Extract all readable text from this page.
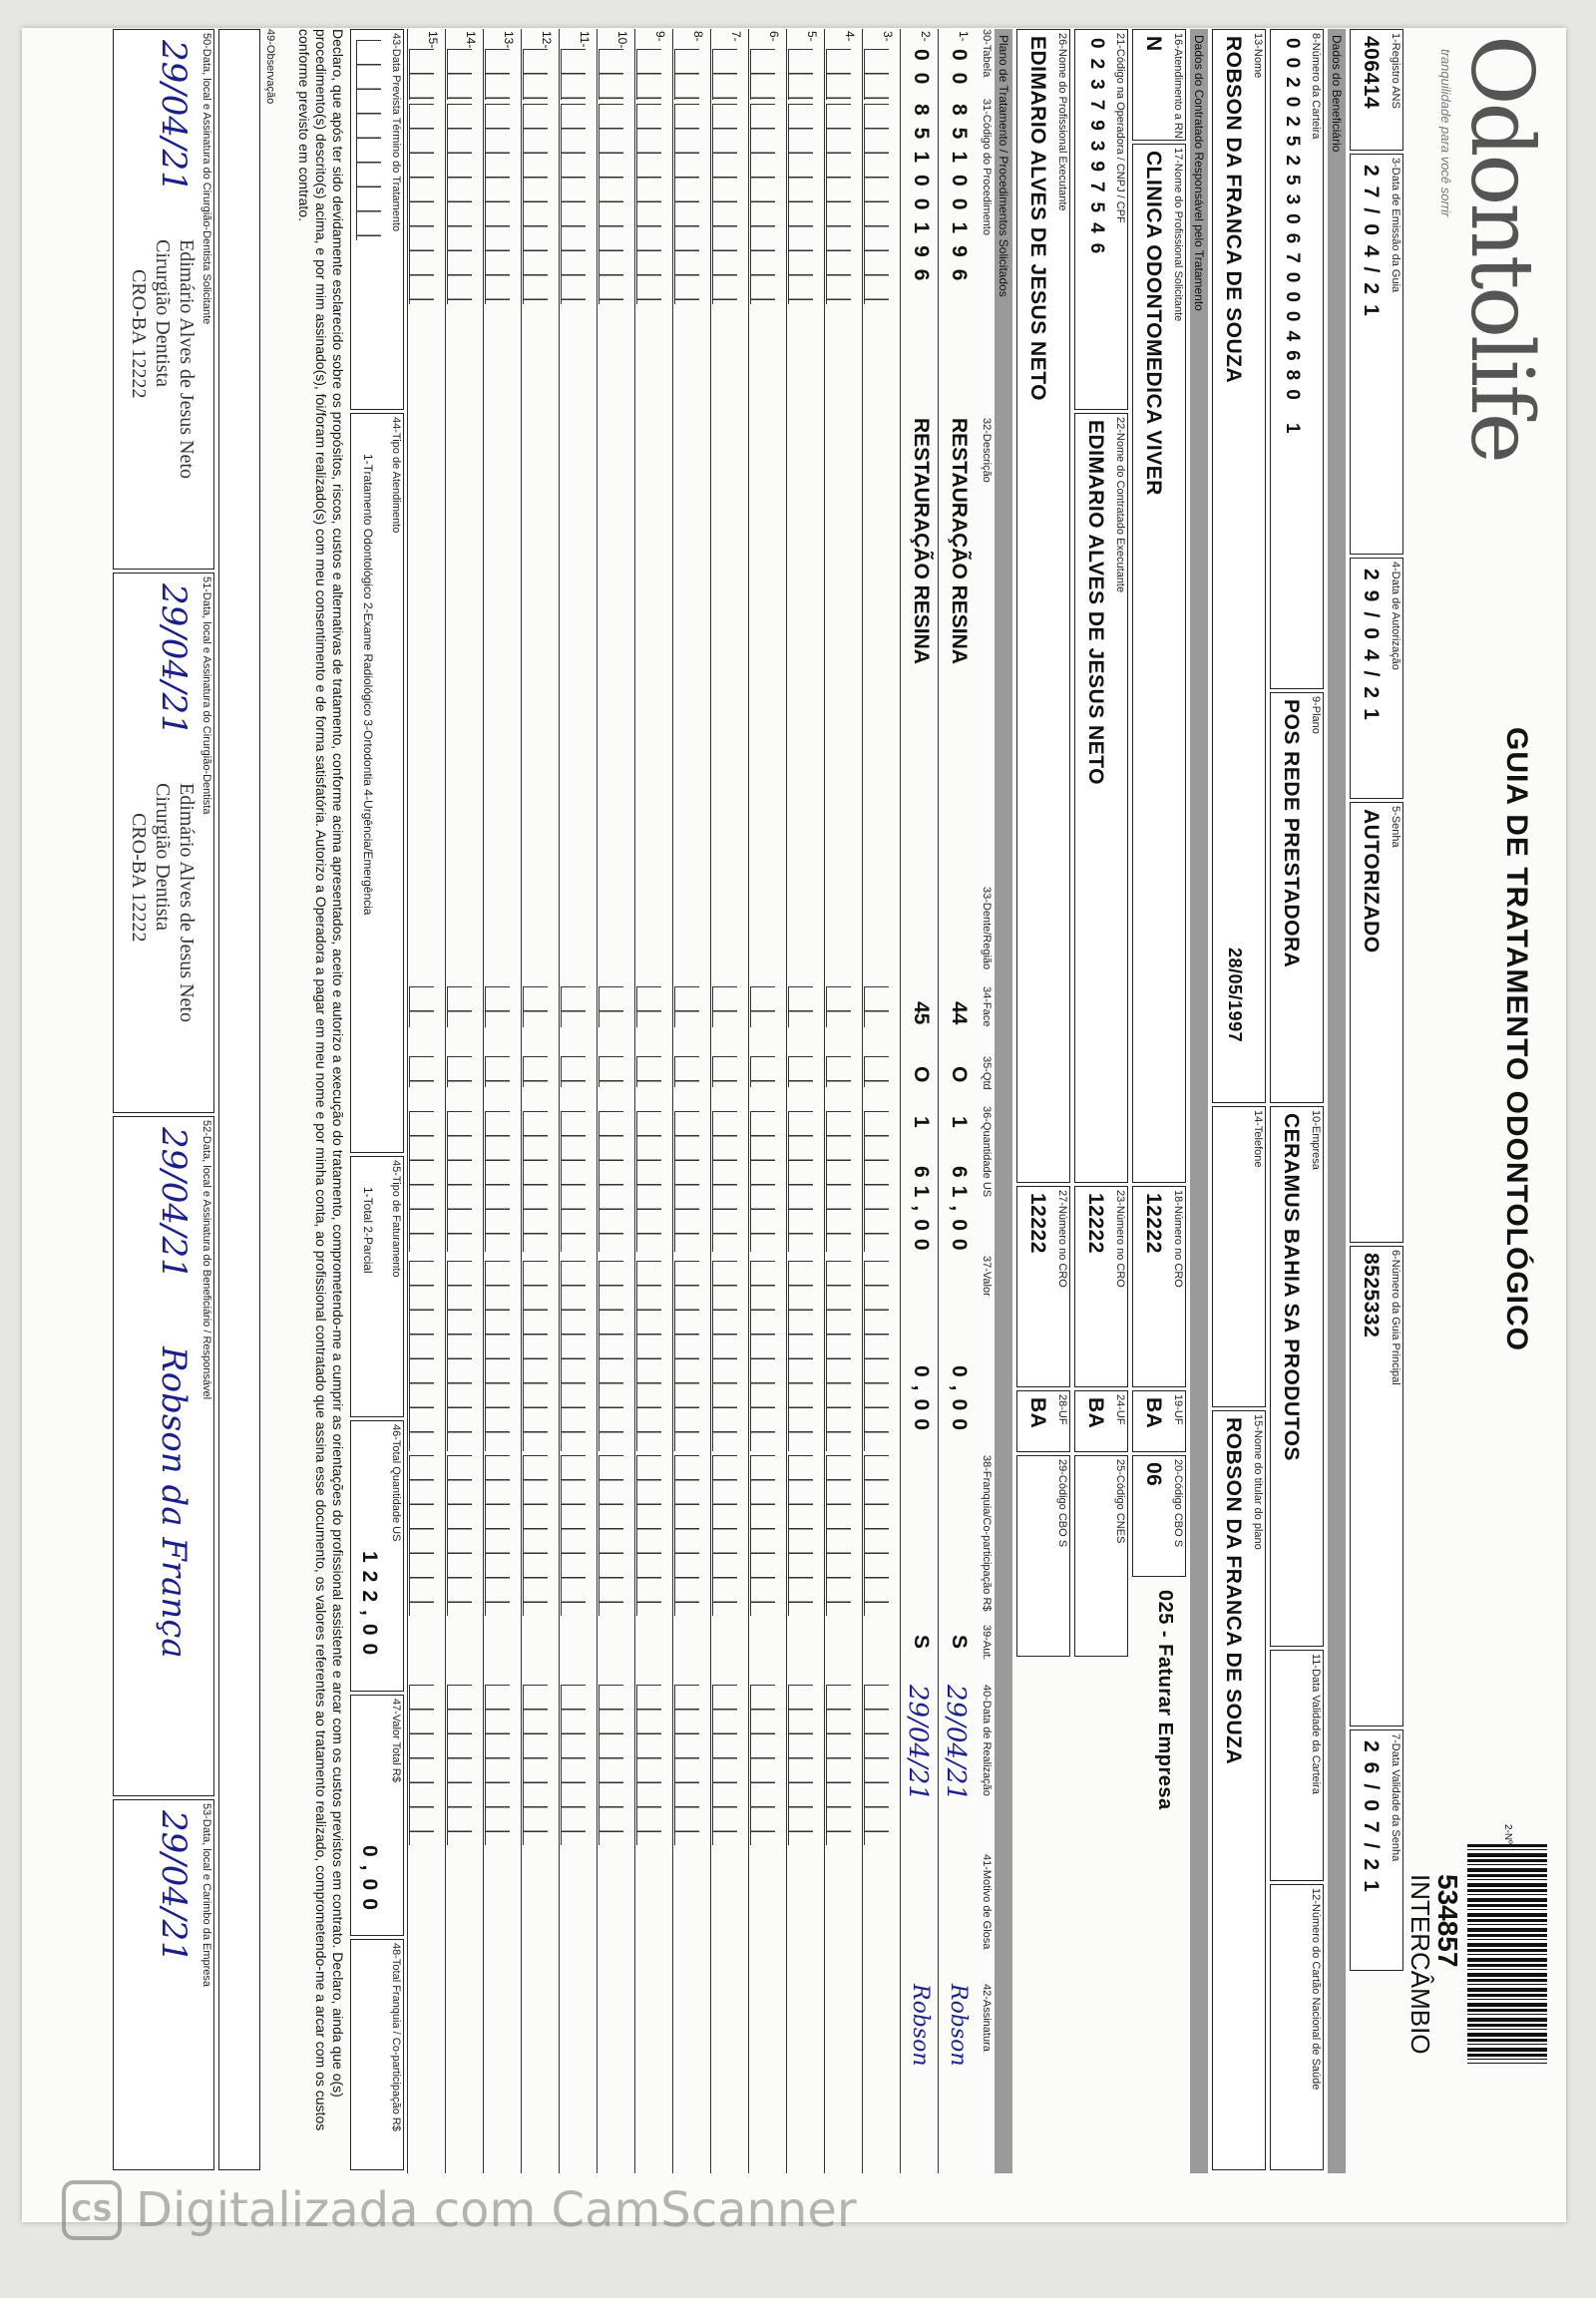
Odontolife
tranquilidade para você sorrir
GUIA DE TRATAMENTO ODONTOLÓGICO
2-Nº
534857
INTERCÂMBIO
1-Registro ANS
406414
3-Data de Emissão da Guia
27/04/21
4-Data de Autorização
29/04/21
5-Senha
AUTORIZADO
6-Número da Guia Principal
8525332
7-Data Validade da Senha
26/07/21
Dados do Beneficiário
8-Número da Carteira
0020252530670004680 1
9-Plano
POS REDE PRESTADORA
10-Empresa
CERAMUS BAHIA SA PRODUTOS
11-Data Validade da Carteira
12-Número do Cartão Nacional de Saúde
13-Nome
ROBSON DA FRANCA DE SOUZA
28/05/1997
14-Telefone
15-Nome do titular do plano
ROBSON DA FRANCA DE SOUZA
Dados do Contratado Responsável pelo Tratamento
16-Atendimento a RN
N
17-Nome do Profissional Solicitante
CLINICA ODONTOMEDICA VIVER
18-Número no CRO
12222
19-UF
BA
20-Código CBO S
06
025 - Faturar Empresa
21-Código na Operadora / CNPJ / CPF
02379397546
22-Nome do Contratado Executante
EDIMARIO ALVES DE JESUS NETO
23-Número no CRO
12222
24-UF
BA
25-Código CNES
26-Nome do Profissional Executante
EDIMARIO ALVES DE JESUS NETO
27-Número no CRO
12222
28-UF
BA
29-Código CBO S
Plano de Tratamento / Procedimentos Solicitados
30-Tabela
31-Código do Procedimento
32-Descrição
33-Dente/Região
34-Face
35-Qtd
36-Quantidade US
37-Valor
38-Franquia/Co-participação R$
39-Aut.
40-Data de Realização
41-Motivo de Glosa
42-Assinatura
1-
00
85100196
RESTAURAÇÃO RESINA
44
O
1
61,00
0,00
S
29/04/21
Robson
2-
00
85100196
RESTAURAÇÃO RESINA
45
O
1
61,00
0,00
S
29/04/21
Robson
3-
4-
5-
6-
7-
8-
9-
10-
11-
12-
13-
14-
15-
43-Data Prevista Término do Tratamento
44-Tipo de Atendimento
1-Tratamento Odontológico 2-Exame Radiológico 3-Ortodontia 4-Urgência/Emergência
45-Tipo de Faturamento
1-Total 2-Parcial
46-Total Quantidade US
122,00
47-Valor Total R$
0,00
48-Total Franquia / Co-participação R$
Declaro, que após ter sido devidamente esclarecido sobre os propósitos, riscos, custos e alternativas de tratamento, conforme acima apresentados, aceito e autorizo a execução do tratamento, comprometendo-me a cumprir as orientações do profissional assistente e arcar com os custos previstos em contrato. Declaro, ainda que o(s) procedimento(s) descrito(s) acima, e por mim assinado(s), foi/foram realizado(s) com meu consentimento e de forma satisfatória. Autorizo a Operadora a pagar em meu nome e por minha conta, ao profissional contratado que assina esse documento, os valores referentes ao tratamento realizado, comprometendo-me a arcar com os custos conforme previsto em contrato.
49-Observação
50-Data, local e Assinatura do Cirurgião-Dentista Solicitante
29/04/21
Edimário Alves de Jesus Neto
Cirurgião Dentista
CRO-BA 12222
51-Data, local e Assinatura do Cirurgião-Dentista
29/04/21
Edimário Alves de Jesus Neto
Cirurgião Dentista
CRO-BA 12222
52-Data, local e Assinatura do Beneficiário / Responsável
29/04/21
Robson da França
53-Data, local e Carimbo da Empresa
29/04/21
CS Digitalizada com CamScanner
